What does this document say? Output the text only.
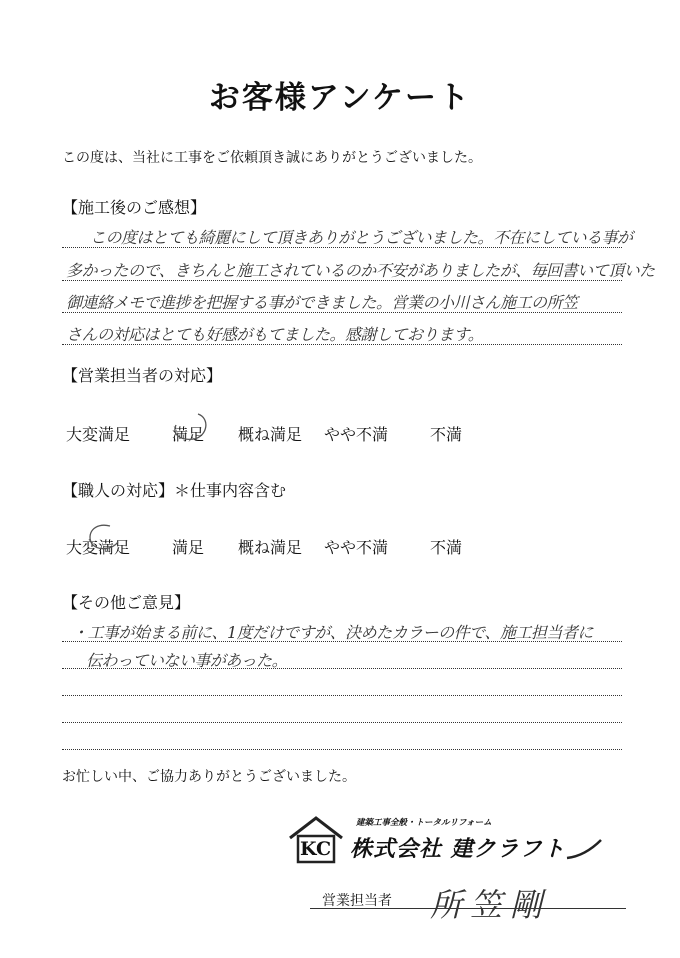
お客様アンケート
この度は、当社に工事をご依頼頂き誠にありがとうございました。
【施工後のご感想】
この度はとても綺麗にして頂きありがとうございました。不在にしている事が
多かったので、きちんと施工されているのか不安がありましたが、毎回書いて頂いた
御連絡メモで進捗を把握する事ができました。営業の小川さん施工の所笠
さんの対応はとても好感がもてました。感謝しております。
【営業担当者の対応】
大変満足	満足 概ね満足 やや不満	不満
【職人の対応】＊仕事内容含む
大変満足	満足 概ね満足 やや不満	不満
【その他ご意見】
・工事が始まる前に、1度だけですが、決めたカラーの件で、施工担当者に
伝わっていない事があった。
お忙しい中、ご協力ありがとうございました。
KC
建築工事全般・トータルリフォーム
株式会社 建クラフト
営業担当者 所笠剛
